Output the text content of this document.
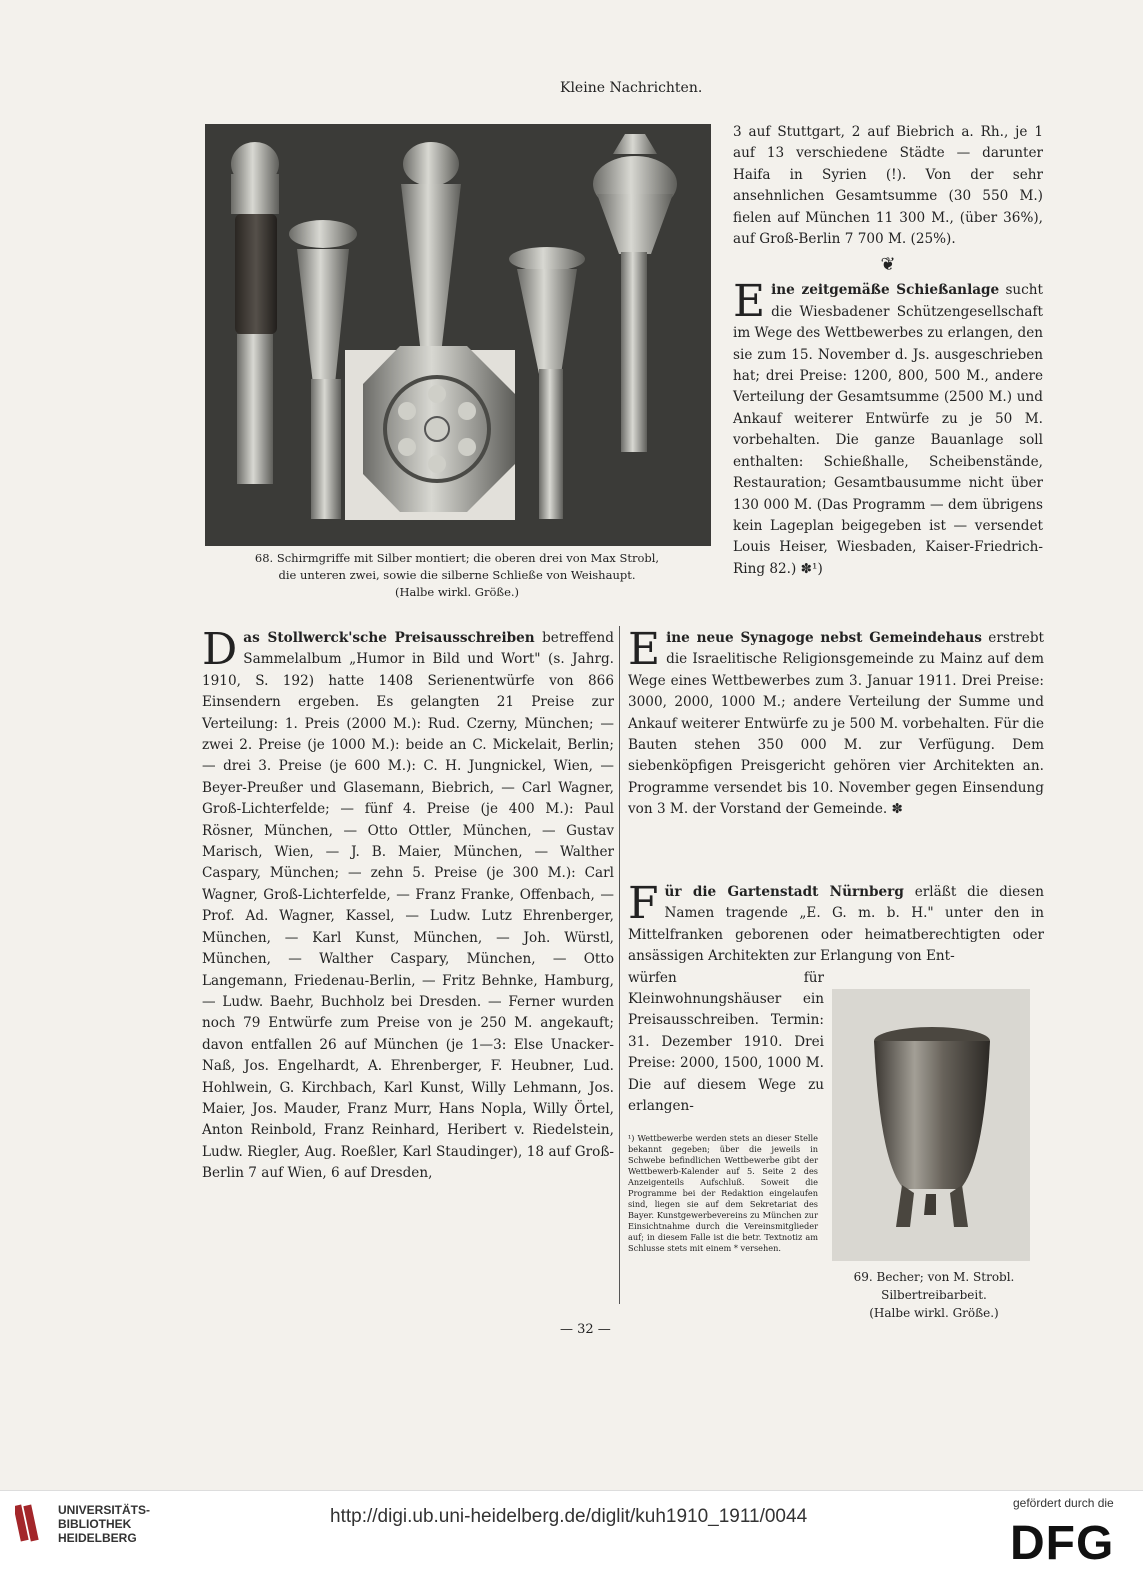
Kleine Nachrichten.
68. Schirmgriffe mit Silber montiert; die oberen drei von Max Strobl,
die unteren zwei, sowie die silberne Schließe von Weishaupt.
(Halbe wirkl. Größe.)

3 auf Stuttgart, 2 auf Biebrich a. Rh., je 1 auf 13 verschiedene Städte — darunter Haifa in Syrien (!). Von der sehr ansehnlichen Gesamtsumme (30 550 M.) fielen auf München 11 300 M., (über 36%), auf Groß-Berlin 7 700 M. (25%).

❦

Eine zeitgemäße Schießanlage sucht die Wiesbadener Schützengesellschaft im Wege des Wettbewerbes zu erlangen, den sie zum 15. November d. Js. ausgeschrieben hat; drei Preise: 1200, 800, 500 M., andere Verteilung der Gesamtsumme (2500 M.) und Ankauf weiterer Entwürfe zu je 50 M. vorbehalten. Die ganze Bauanlage soll enthalten: Schießhalle, Scheibenstände, Restauration; Gesamtbausumme nicht über 130 000 M. (Das Programm — dem übrigens kein Lageplan beigegeben ist — versendet Louis Heiser, Wiesbaden, Kaiser-Friedrich-Ring 82.) ✽¹)

Das Stollwerck'sche Preisausschreiben betreffend Sammelalbum „Humor in Bild und Wort" (s. Jahrg. 1910, S. 192) hatte 1408 Serienentwürfe von 866 Einsendern ergeben. Es gelangten 21 Preise zur Verteilung: 1. Preis (2000 M.): Rud. Czerny, München; — zwei 2. Preise (je 1000 M.): beide an C. Mickelait, Berlin; — drei 3. Preise (je 600 M.): C. H. Jungnickel, Wien, — Beyer-Preußer und Glasemann, Biebrich, — Carl Wagner, Groß-Lichterfelde; — fünf 4. Preise (je 400 M.): Paul Rösner, München, — Otto Ottler, München, — Gustav Marisch, Wien, — J. B. Maier, München, — Walther Caspary, München; — zehn 5. Preise (je 300 M.): Carl Wagner, Groß-Lichterfelde, — Franz Franke, Offenbach, — Prof. Ad. Wagner, Kassel, — Ludw. Lutz Ehrenberger, München, — Karl Kunst, München, — Joh. Würstl, München, — Walther Caspary, München, — Otto Langemann, Friedenau-Berlin, — Fritz Behnke, Hamburg, — Ludw. Baehr, Buchholz bei Dresden. — Ferner wurden noch 79 Entwürfe zum Preise von je 250 M. angekauft; davon entfallen 26 auf München (je 1—3: Else Unacker-Naß, Jos. Engelhardt, A. Ehrenberger, F. Heubner, Lud. Hohlwein, G. Kirchbach, Karl Kunst, Willy Lehmann, Jos. Maier, Jos. Mauder, Franz Murr, Hans Nopla, Willy Örtel, Anton Reinbold, Franz Reinhard, Heribert v. Riedelstein, Ludw. Riegler, Aug. Roeßler, Karl Staudinger), 18 auf Groß-Berlin 7 auf Wien, 6 auf Dresden,

Eine neue Synagoge nebst Gemeindehaus erstrebt die Israelitische Religionsgemeinde zu Mainz auf dem Wege eines Wettbewerbes zum 3. Januar 1911. Drei Preise: 3000, 2000, 1000 M.; andere Verteilung der Summe und Ankauf weiterer Entwürfe zu je 500 M. vorbehalten. Für die Bauten stehen 350 000 M. zur Verfügung. Dem siebenköpfigen Preisgericht gehören vier Architekten an. Programme versendet bis 10. November gegen Einsendung von 3 M. der Vorstand der Gemeinde. ✽

Für die Gartenstadt Nürnberg erläßt die diesen Namen tragende „E. G. m. b. H." unter den in Mittelfranken geborenen oder heimatberechtigten oder ansässigen Architekten zur Erlangung von Ent-

würfen für Kleinwohnungshäuser ein Preisausschreiben. Termin: 31. Dezember 1910. Drei Preise: 2000, 1500, 1000 M. Die auf diesem Wege zu erlangen-

¹) Wettbewerbe werden stets an dieser Stelle bekannt gegeben; über die jeweils in Schwebe befindlichen Wettbewerbe gibt der Wettbewerb-Kalender auf 5. Seite 2 des Anzeigenteils Aufschluß. Soweit die Programme bei der Redaktion eingelaufen sind, liegen sie auf dem Sekretariat des Bayer. Kunstgewerbevereins zu München zur Einsichtnahme durch die Vereinsmitglieder auf; in diesem Falle ist die betr. Textnotiz am Schlusse stets mit einem * versehen.
69. Becher; von M. Strobl.
Silbertreibarbeit.
(Halbe wirkl. Größe.)
— 32 —
UNIVERSITÄTS-
BIBLIOTHEK
HEIDELBERG
http://digi.ub.uni-heidelberg.de/diglit/kuh1910_1911/0044
gefördert durch die
DFG
